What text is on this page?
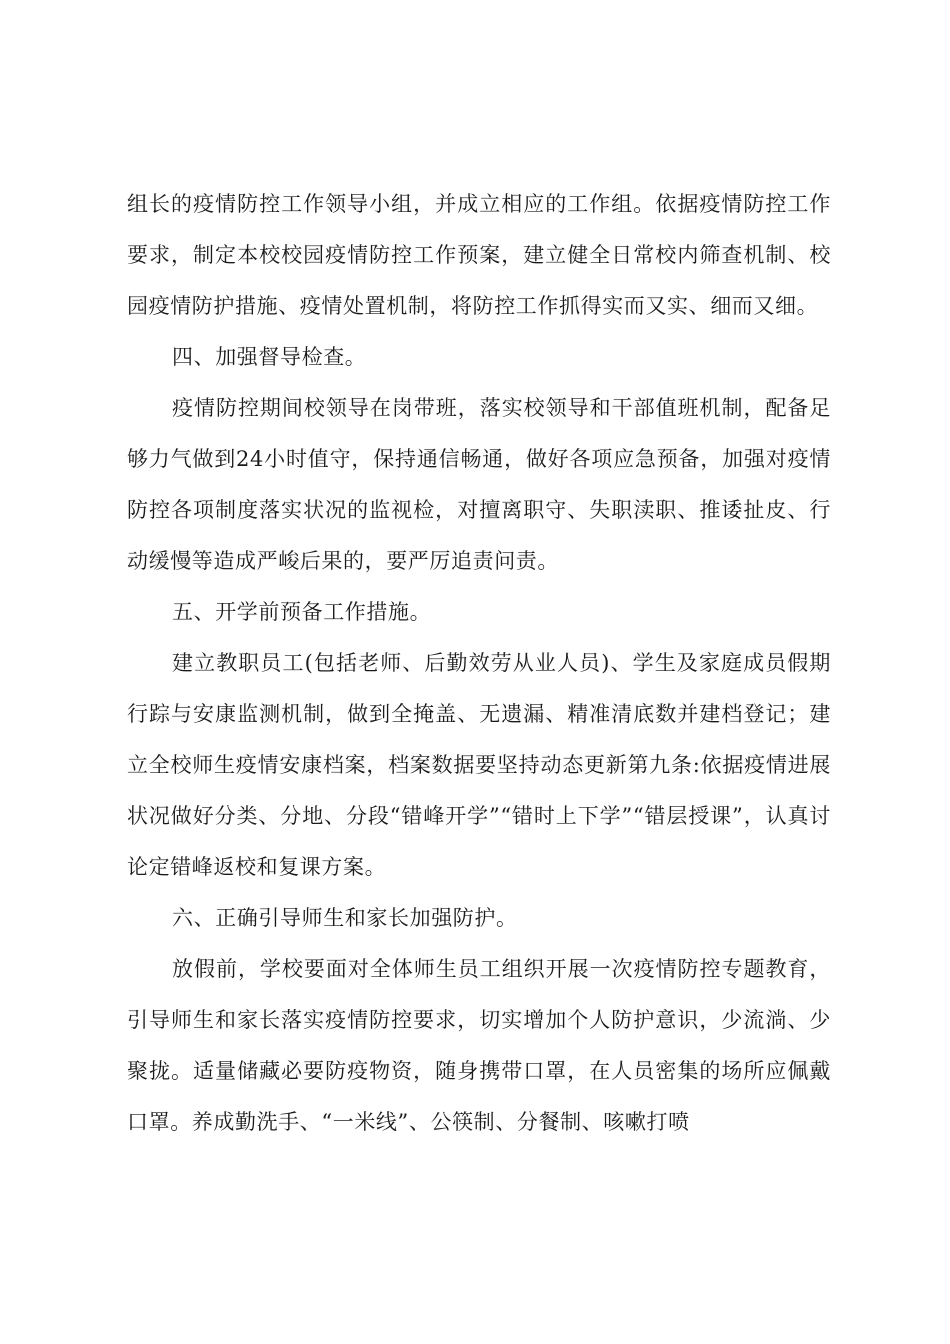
组长的疫情防控工作领导小组，并成立相应的工作组。依据疫情防控工作要求，制定本校校园疫情防控工作预案，建立健全日常校内筛查机制、校园疫情防护措施、疫情处置机制，将防控工作抓得实而又实、细而又细。

四、加强督导检查。

疫情防控期间校领导在岗带班，落实校领导和干部值班机制，配备足够力气做到24小时值守，保持通信畅通，做好各项应急预备，加强对疫情防控各项制度落实状况的监视检，对擅离职守、失职渎职、推诿扯皮、行动缓慢等造成严峻后果的，要严厉追责问责。

五、开学前预备工作措施。

建立教职员工(包括老师、后勤效劳从业人员)、学生及家庭成员假期行踪与安康监测机制，做到全掩盖、无遗漏、精准清底数并建档登记；建立全校师生疫情安康档案，档案数据要坚持动态更新第九条:依据疫情进展状况做好分类、分地、分段“错峰开学”“错时上下学”“错层授课”，认真讨论定错峰返校和复课方案。

六、正确引导师生和家长加强防护。

放假前，学校要面对全体师生员工组织开展一次疫情防控专题教育，引导师生和家长落实疫情防控要求，切实增加个人防护意识，少流淌、少聚拢。适量储藏必要防疫物资，随身携带口罩，在人员密集的场所应佩戴口罩。养成勤洗手、“一米线”、公筷制、分餐制、咳嗽打喷
